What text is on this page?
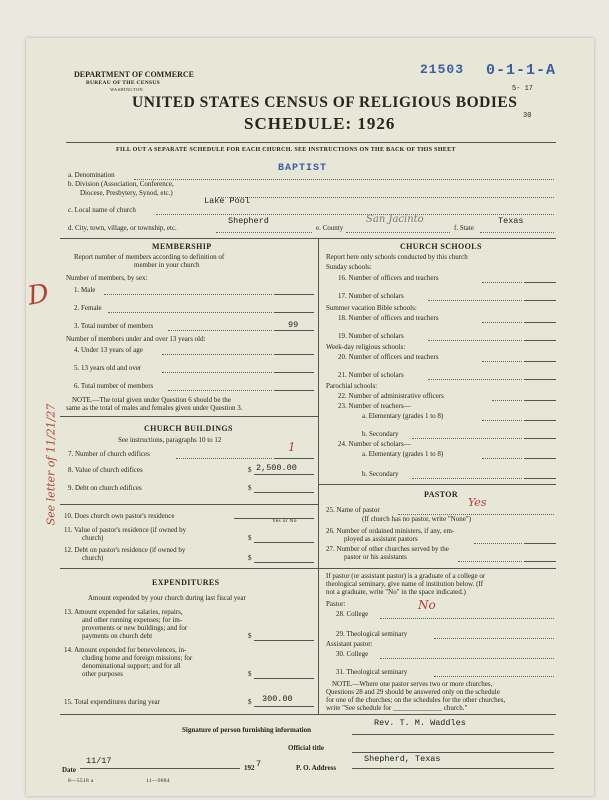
DEPARTMENT OF COMMERCE
BUREAU OF THE CENSUS
WASHINGTON
21503 0-1-1-A
5- 17
30
UNITED STATES CENSUS OF RELIGIOUS BODIES
SCHEDULE: 1926
FILL OUT A SEPARATE SCHEDULE FOR EACH CHURCH. SEE INSTRUCTIONS ON THE BACK OF THIS SHEET
a. Denomination
BAPTIST
b. Division (Association, Conference,
Diocese, Presbytery, Synod, etc.)
Lake Pool
c. Local name of church
d. City, town, village, or township, etc.
Shepherd
e. County
San Jacinto
f. State
Texas
MEMBERSHIP
Report number of members according to definition of
member in your church
Number of members, by sex:
1. Male
2. Female
3. Total number of members	99
Number of members under and over 13 years old:
4. Under 13 years of age
5. 13 years old and over
6. Total number of members
NOTE.—The total given under Question 6 should be the
same as the total of males and females given under Question 3.
CHURCH BUILDINGS
See instructions, paragraphs 10 to 12
7. Number of church edifices	1
8. Value of church edifices	$ 2,500.00
9. Debt on church edifices	$
10. Does church own pastor's residence
Yes or No
11. Value of pastor's residence (if owned by
church)	$
12. Debt on pastor's residence (if owned by
church)	$
EXPENDITURES
Amount expended by your church during last fiscal year
13. Amount expended for salaries, repairs,
and other running expenses; for im-
provements or new buildings; and for
payments on church debt	$
14. Amount expended for benevolences, in-
cluding home and foreign missions; for
denominational support; and for all
other purposes	$
15. Total expenditures during year	$ 300.00
CHURCH SCHOOLS
Report here only schools conducted by this church
Sunday schools:
16. Number of officers and teachers
17. Number of scholars
Summer vacation Bible schools:
18. Number of officers and teachers
19. Number of scholars
Week-day religious schools:
20. Number of officers and teachers
21. Number of scholars
Parochial schools:
22. Number of administrative officers
23. Number of teachers—
a. Elementary (grades 1 to 8)
b. Secondary
24. Number of scholars—
a. Elementary (grades 1 to 8)
b. Secondary
PASTOR
25. Name of pastor
Yes
(If church has no pastor, write "None")
26. Number of ordained ministers, if any, em-
ployed as assistant pastors
27. Number of other churches served by the
pastor or his assistants
If pastor (or assistant pastor) is a graduate of a college or
theological seminary, give name of institution below. (If
not a graduate, write "No" in the space indicated.)
Pastor:
28. College
No
29. Theological seminary
Assistant pastor:
30. College
31. Theological seminary
NOTE.—Where one pastor serves two or more churches,
Questions 28 and 29 should be answered only on the schedule
for one of the churches; on the schedules for the other churches,
write "See schedule for ______________ church."
Signature of person furnishing information
Rev. T. M. Waddles
Official title
11/17
Date	192 7	P. O. Address
Shepherd, Texas
8—5518 a	11—9084
D
See letter of 11/21/27
